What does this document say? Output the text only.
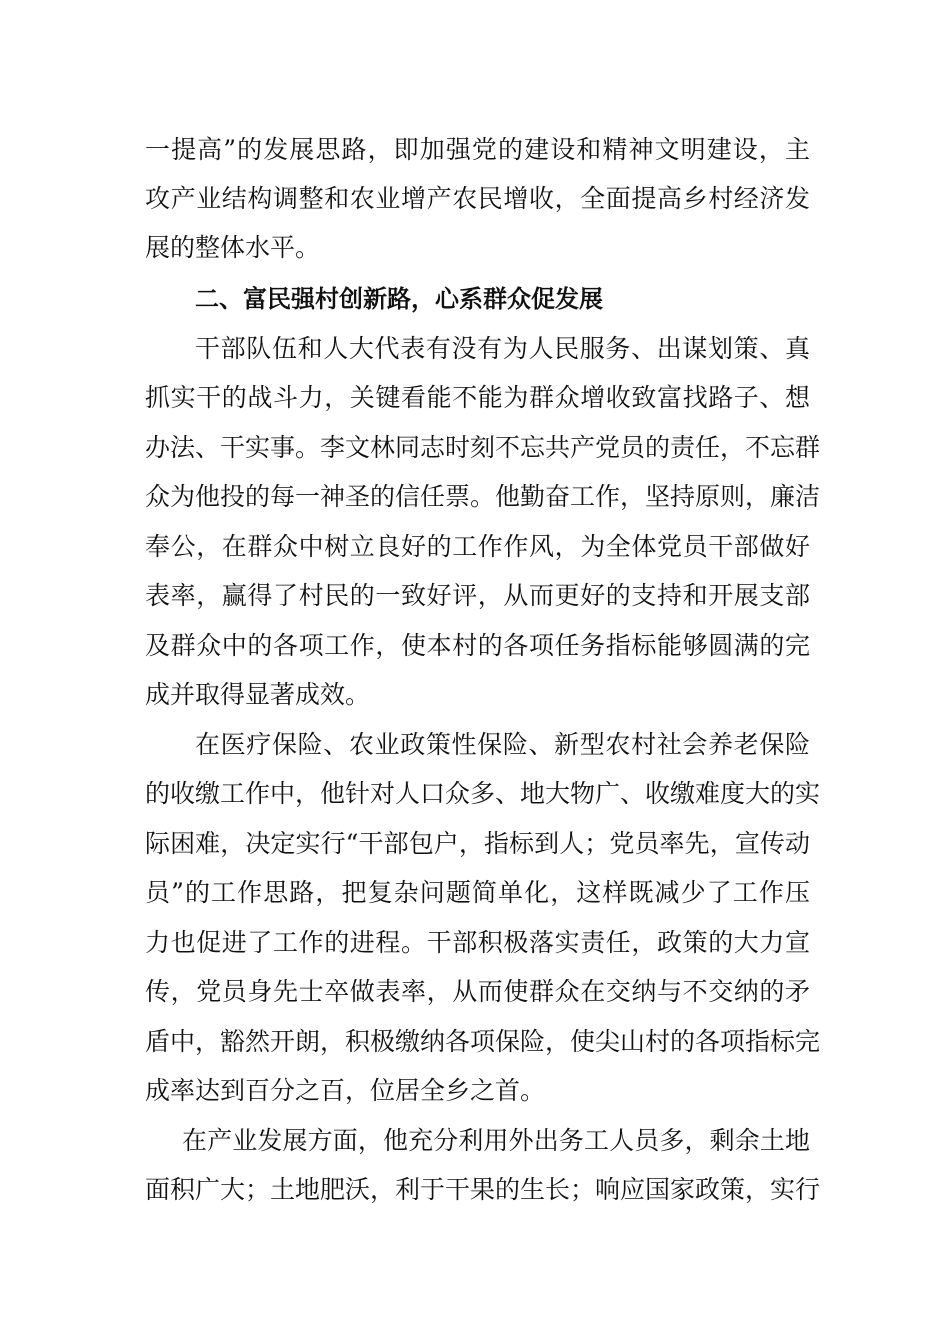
一提高”的发展思路，即加强党的建设和精神文明建设，主
攻产业结构调整和农业增产农民增收，全面提高乡村经济发
展的整体水平。
二、富民强村创新路，心系群众促发展
干部队伍和人大代表有没有为人民服务、出谋划策、真
抓实干的战斗力，关键看能不能为群众增收致富找路子、想
办法、干实事。李文林同志时刻不忘共产党员的责任，不忘群
众为他投的每一神圣的信任票。他勤奋工作，坚持原则，廉洁
奉公，在群众中树立良好的工作作风，为全体党员干部做好
表率，赢得了村民的一致好评，从而更好的支持和开展支部
及群众中的各项工作，使本村的各项任务指标能够圆满的完
成并取得显著成效。
在医疗保险、农业政策性保险、新型农村社会养老保险
的收缴工作中，他针对人口众多、地大物广、收缴难度大的实
际困难，决定实行“干部包户，指标到人；党员率先，宣传动
员”的工作思路，把复杂问题简单化，这样既减少了工作压
力也促进了工作的进程。干部积极落实责任，政策的大力宣
传，党员身先士卒做表率，从而使群众在交纳与不交纳的矛
盾中，豁然开朗，积极缴纳各项保险，使尖山村的各项指标完
成率达到百分之百，位居全乡之首。
在产业发展方面，他充分利用外出务工人员多，剩余土地
面积广大；土地肥沃，利于干果的生长；响应国家政策，实行
